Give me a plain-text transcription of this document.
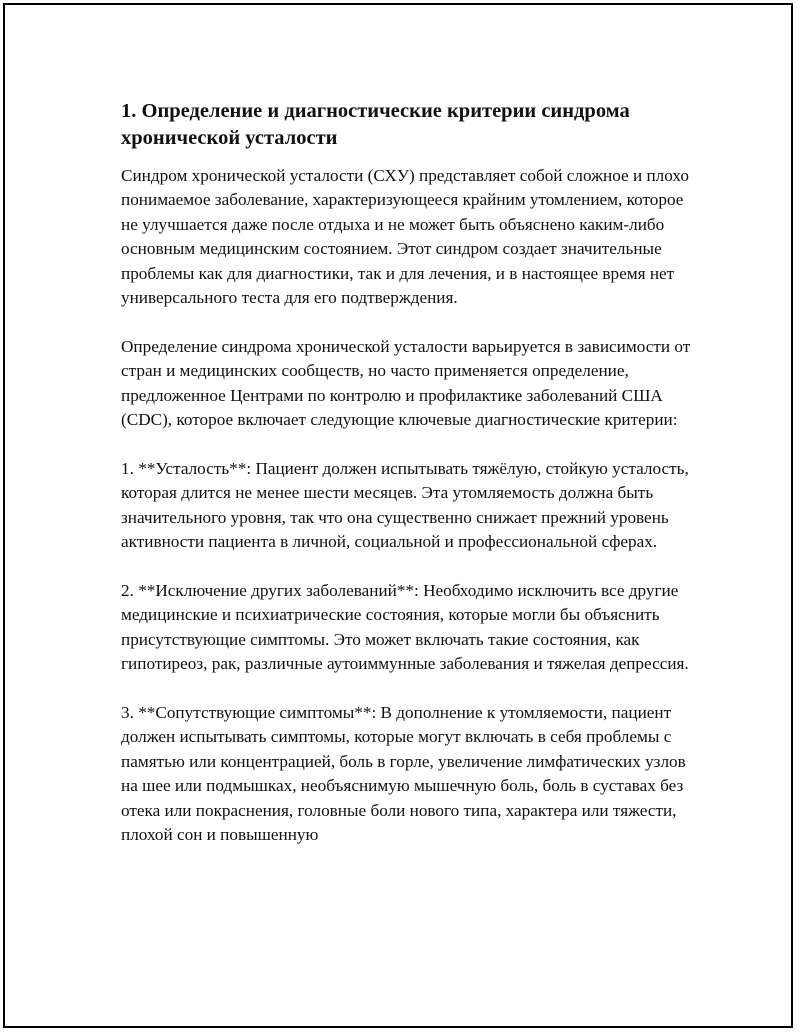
1. Определение и диагностические критерии синдрома хронической усталости

Синдром хронической усталости (СХУ) представляет собой сложное и плохо понимаемое заболевание, характеризующееся крайним утомлением, которое не улучшается даже после отдыха и не может быть объяснено каким-либо основным медицинским состоянием. Этот синдром создает значительные проблемы как для диагностики, так и для лечения, и в настоящее время нет универсального теста для его подтверждения.

Определение синдрома хронической усталости варьируется в зависимости от стран и медицинских сообществ, но часто применяется определение, предложенное Центрами по контролю и профилактике заболеваний США (CDC), которое включает следующие ключевые диагностические критерии:

1. **Усталость**: Пациент должен испытывать тяжёлую, стойкую усталость, которая длится не менее шести месяцев. Эта утомляемость должна быть значительного уровня, так что она существенно снижает прежний уровень активности пациента в личной, социальной и профессиональной сферах.

2. **Исключение других заболеваний**: Необходимо исключить все другие медицинские и психиатрические состояния, которые могли бы объяснить присутствующие симптомы. Это может включать такие состояния, как гипотиреоз, рак, различные аутоиммунные заболевания и тяжелая депрессия.

3. **Сопутствующие симптомы**: В дополнение к утомляемости, пациент должен испытывать симптомы, которые могут включать в себя проблемы с памятью или концентрацией, боль в горле, увеличение лимфатических узлов на шее или подмышках, необъяснимую мышечную боль, боль в суставах без отека или покраснения, головные боли нового типа, характера или тяжести, плохой сон и повышенную
